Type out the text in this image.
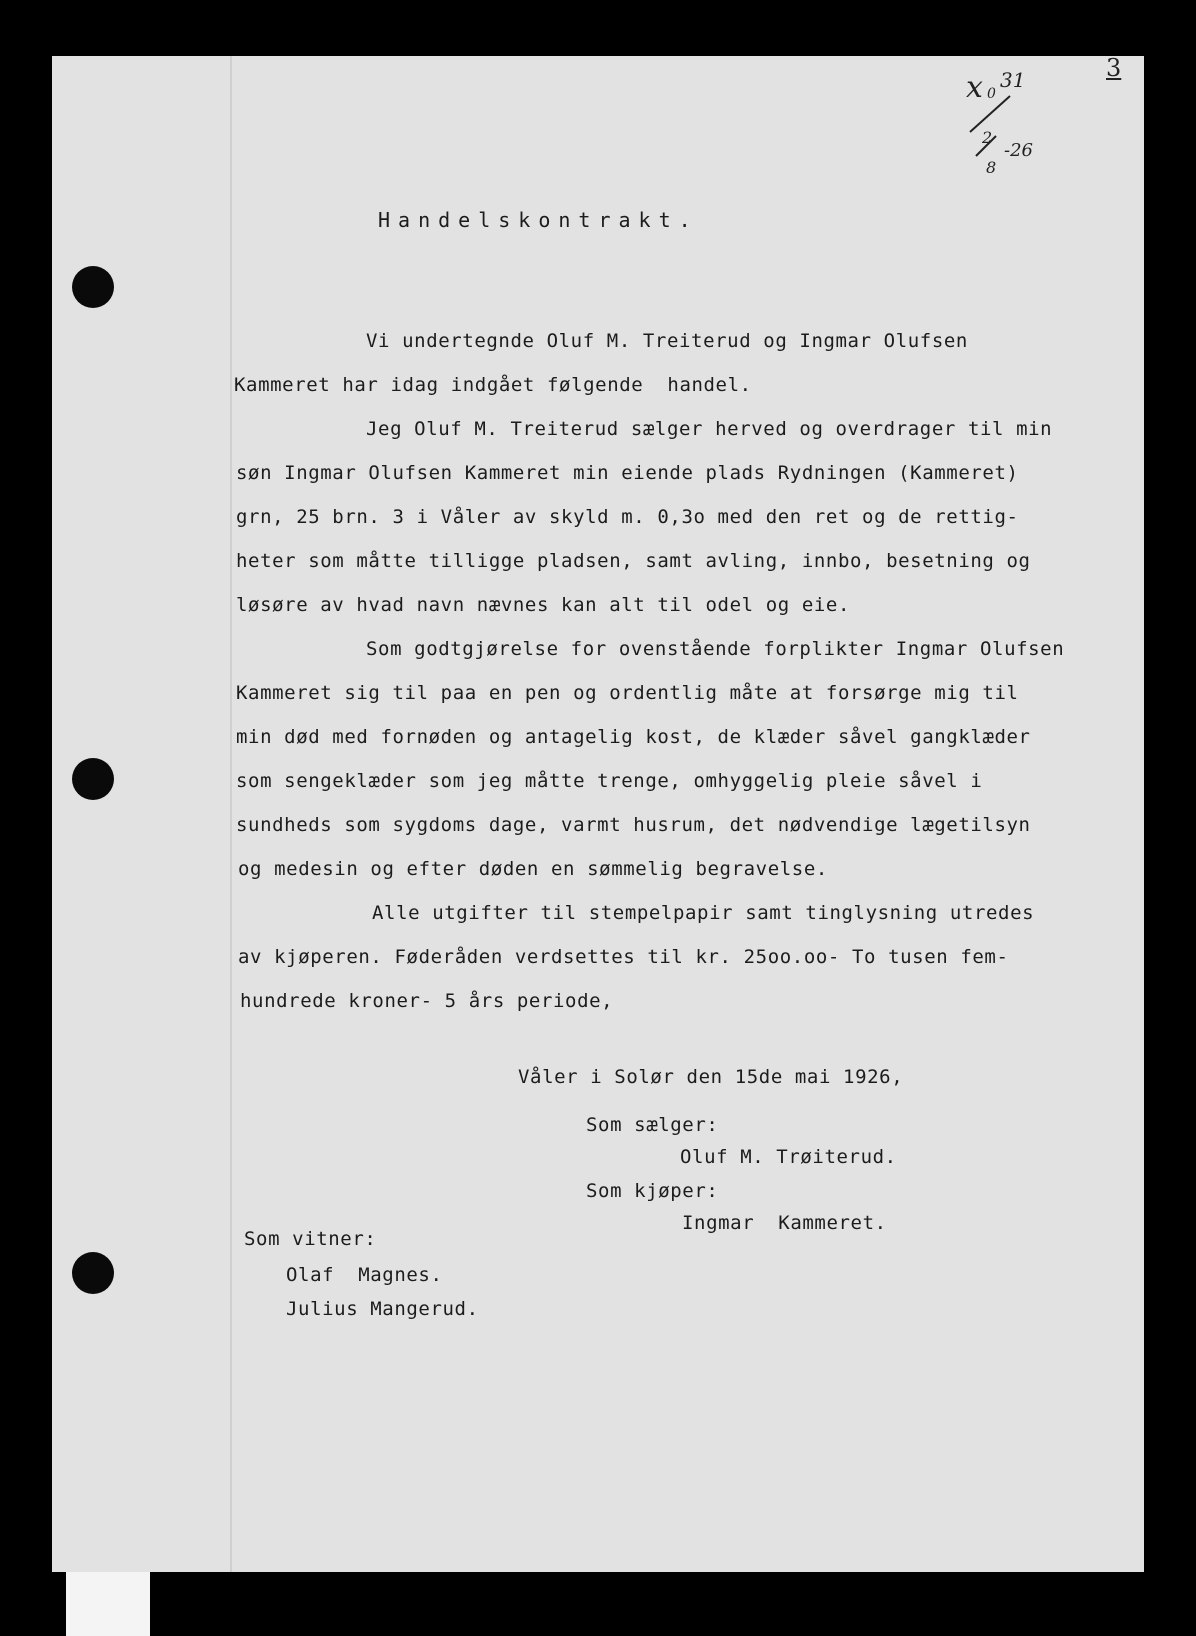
x 0
31
2
-26
8
3
Handelskontrakt.
Vi undertegnde Oluf M. Treiterud og Ingmar Olufsen
Kammeret har idag indgået følgende  handel.
Jeg Oluf M. Treiterud sælger herved og overdrager til min
søn Ingmar Olufsen Kammeret min eiende plads Rydningen (Kammeret)
grn, 25 brn. 3 i Våler av skyld m. 0,3o med den ret og de rettig-
heter som måtte tilligge pladsen, samt avling, innbo, besetning og
løsøre av hvad navn nævnes kan alt til odel og eie.
Som godtgjørelse for ovenstående forplikter Ingmar Olufsen
Kammeret sig til paa en pen og ordentlig måte at forsørge mig til
min død med fornøden og antagelig kost, de klæder såvel gangklæder
som sengeklæder som jeg måtte trenge, omhyggelig pleie såvel i
sundheds som sygdoms dage, varmt husrum, det nødvendige lægetilsyn
og medesin og efter døden en sømmelig begravelse.
Alle utgifter til stempelpapir samt tinglysning utredes
av kjøperen. Føderåden verdsettes til kr. 25oo.oo- To tusen fem-
hundrede kroner- 5 års periode,
Våler i Solør den 15de mai 1926,
Som sælger:
Oluf M. Trøiterud.
Som kjøper:
Ingmar  Kammeret.
Som vitner:
Olaf  Magnes.
Julius Mangerud.
